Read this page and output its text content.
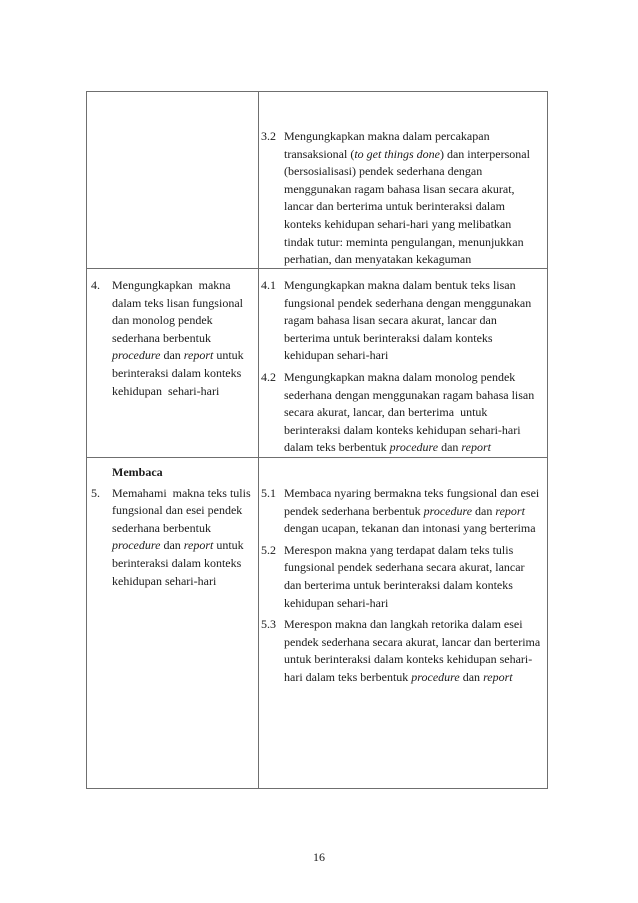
3.2 Mengungkapkan makna dalam percakapan transaksional (to get things done) dan interpersonal (bersosialisasi) pendek sederhana dengan menggunakan ragam bahasa lisan secara akurat, lancar dan berterima untuk berinteraksi dalam konteks kehidupan sehari-hari yang melibatkan tindak tutur: meminta pengulangan, menunjukkan perhatian, dan menyatakan kekaguman
4.	Mengungkapkan  makna dalam teks lisan fungsional dan monolog pendek sederhana berbentuk procedure dan report untuk berinteraksi dalam konteks kehidupan  sehari-hari
4.1 Mengungkapkan makna dalam bentuk teks lisan fungsional pendek sederhana dengan menggunakan ragam bahasa lisan secara akurat, lancar dan berterima untuk berinteraksi dalam konteks kehidupan sehari-hari
4.2 Mengungkapkan makna dalam monolog pendek sederhana dengan menggunakan ragam bahasa lisan secara akurat, lancar, dan berterima  untuk berinteraksi dalam konteks kehidupan sehari-hari dalam teks berbentuk procedure dan report
Membaca
5.	Memahami  makna teks tulis fungsional dan esei pendek  sederhana berbentuk  procedure dan report untuk berinteraksi dalam konteks kehidupan sehari-hari
5.1 Membaca nyaring bermakna teks fungsional dan esei pendek sederhana berbentuk procedure dan report  dengan ucapan, tekanan dan intonasi yang berterima
5.2 Merespon makna yang terdapat dalam teks tulis fungsional pendek sederhana secara akurat, lancar dan berterima untuk berinteraksi dalam konteks kehidupan sehari-hari
5.3 Merespon makna dan langkah retorika dalam esei pendek sederhana secara akurat, lancar dan berterima untuk berinteraksi dalam konteks kehidupan sehari-hari dalam teks berbentuk procedure dan report
16
